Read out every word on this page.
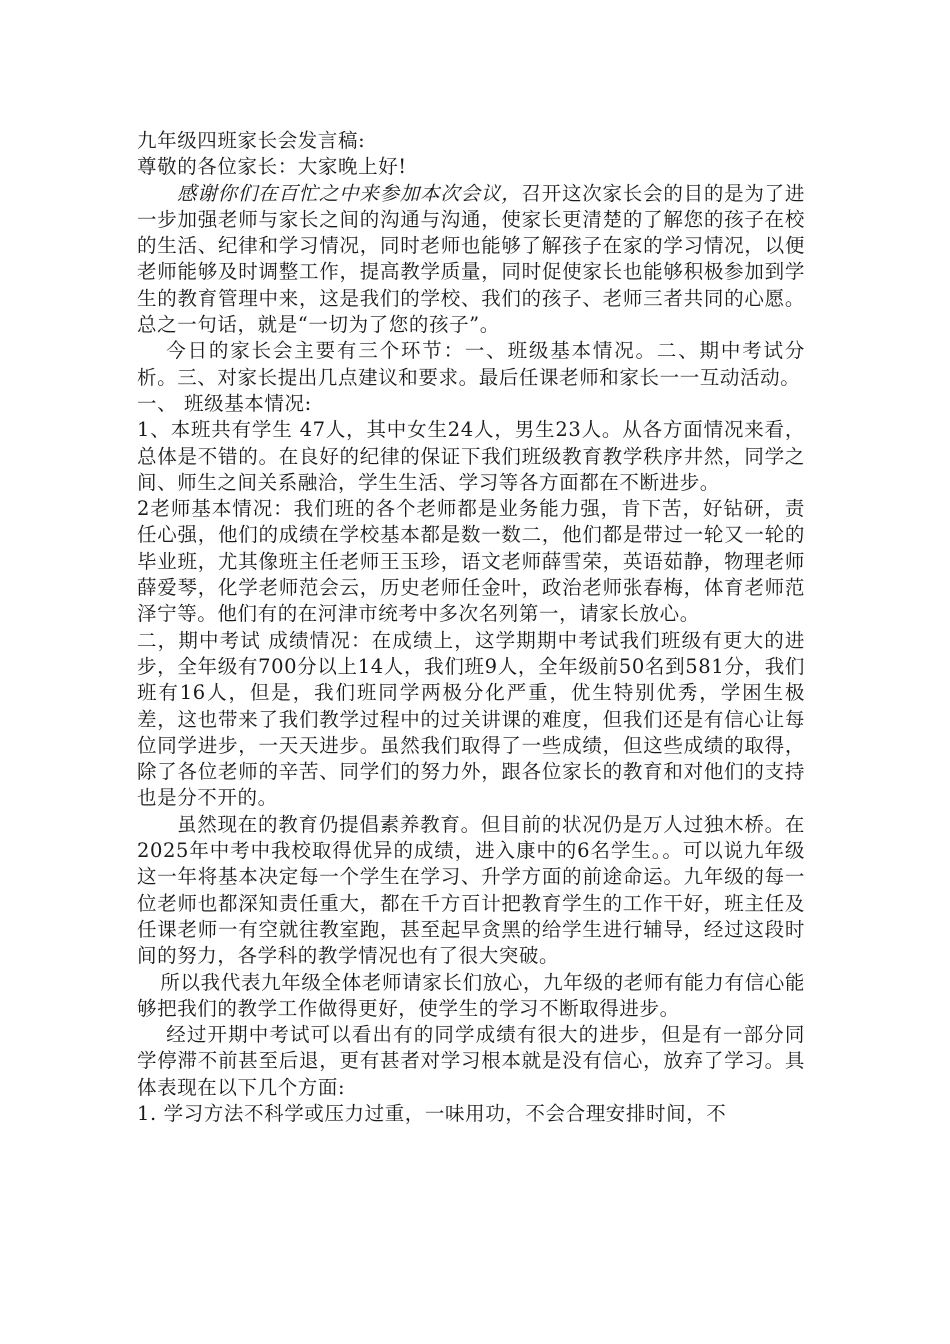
九年级四班家长会发言稿:

尊敬的各位家长：大家晚上好!

感谢你们在百忙之中来参加本次会议，召开这次家长会的目的是为了进一步加强老师与家长之间的沟通与沟通，使家长更清楚的了解您的孩子在校的生活、纪律和学习情况，同时老师也能够了解孩子在家的学习情况，以便老师能够及时调整工作，提高教学质量，同时促使家长也能够积极参加到学生的教育管理中来，这是我们的学校、我们的孩子、老师三者共同的心愿。总之一句话，就是“一切为了您的孩子”。

今日的家长会主要有三个环节：一、班级基本情况。二、期中考试分析。三、对家长提出几点建议和要求。最后任课老师和家长一一互动活动。

一、 班级基本情况:

1、本班共有学生 47人，其中女生24人，男生23人。从各方面情况来看，总体是不错的。在良好的纪律的保证下我们班级教育教学秩序井然，同学之间、师生之间关系融洽，学生生活、学习等各方面都在不断进步。

2老师基本情况：我们班的各个老师都是业务能力强，肯下苦，好钻研，责任心强，他们的成绩在学校基本都是数一数二，他们都是带过一轮又一轮的毕业班，尤其像班主任老师王玉珍，语文老师薛雪荣，英语茹静，物理老师薛爱琴，化学老师范会云，历史老师任金叶，政治老师张春梅，体育老师范泽宁等。他们有的在河津市统考中多次名列第一，请家长放心。

二，期中考试 成绩情况：在成绩上，这学期期中考试我们班级有更大的进步，全年级有700分以上14人，我们班9人，全年级前50名到581分，我们班有16人，但是，我们班同学两极分化严重，优生特别优秀，学困生极差，这也带来了我们教学过程中的过关讲课的难度，但我们还是有信心让每位同学进步，一天天进步。虽然我们取得了一些成绩，但这些成绩的取得，除了各位老师的辛苦、同学们的努力外，跟各位家长的教育和对他们的支持也是分不开的。

虽然现在的教育仍提倡素养教育。但目前的状况仍是万人过独木桥。在2025年中考中我校取得优异的成绩，进入康中的6名学生。。可以说九年级这一年将基本决定每一个学生在学习、升学方面的前途命运。九年级的每一位老师也都深知责任重大，都在千方百计把教育学生的工作干好，班主任及任课老师一有空就往教室跑，甚至起早贪黑的给学生进行辅导，经过这段时间的努力，各学科的教学情况也有了很大突破。

所以我代表九年级全体老师请家长们放心，九年级的老师有能力有信心能够把我们的教学工作做得更好，使学生的学习不断取得进步。

经过开期中考试可以看出有的同学成绩有很大的进步，但是有一部分同学停滞不前甚至后退，更有甚者对学习根本就是没有信心，放弃了学习。具体表现在以下几个方面:

1. 学习方法不科学或压力过重，一味用功，不会合理安排时间，不
